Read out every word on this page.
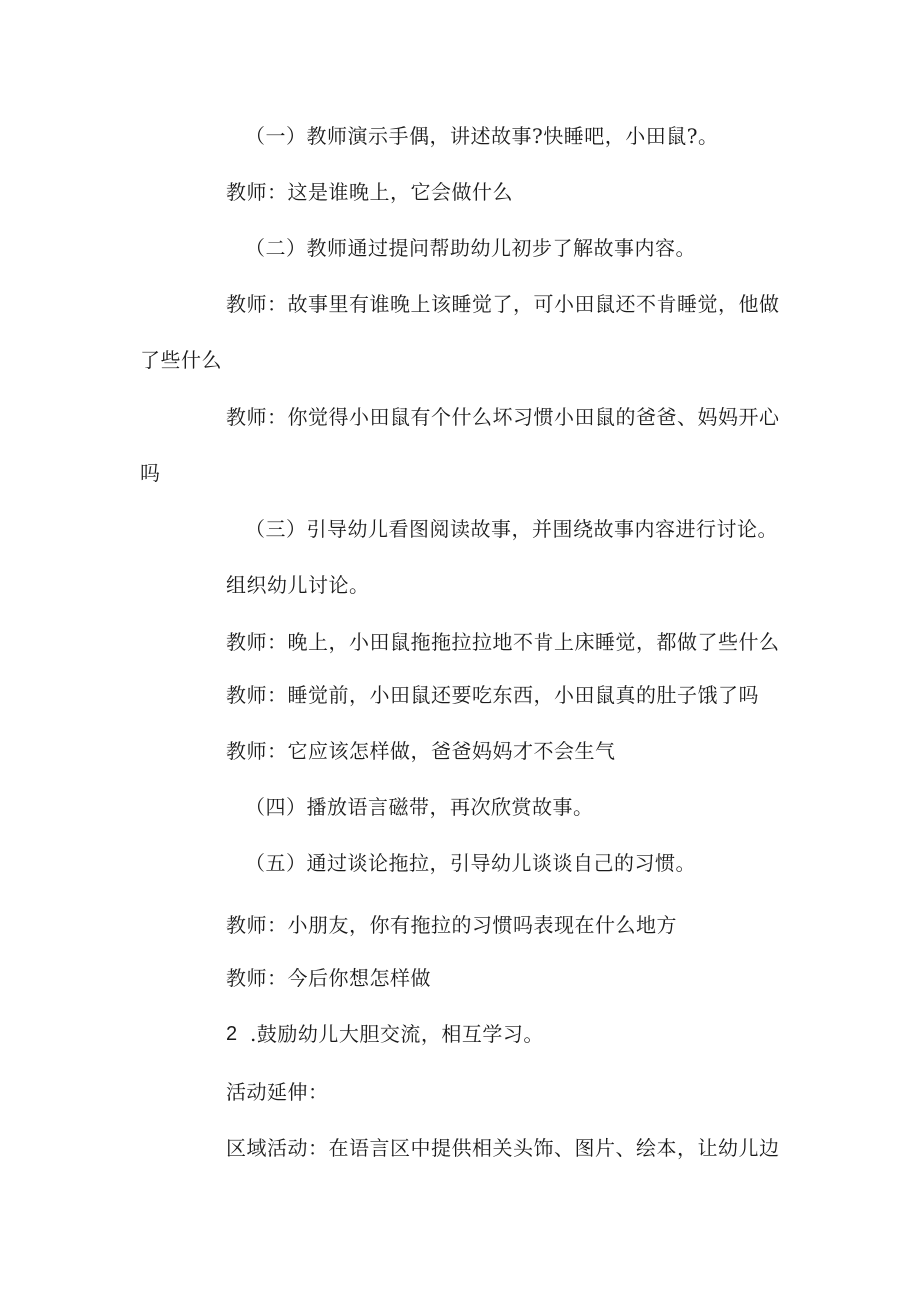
（一）教师演示手偶，讲述故事?快睡吧，小田鼠?。
教师：这是谁晚上，它会做什么
（二）教师通过提问帮助幼儿初步了解故事内容。
教师：故事里有谁晚上该睡觉了，可小田鼠还不肯睡觉，他做
了些什么
教师：你觉得小田鼠有个什么坏习惯小田鼠的爸爸、妈妈开心
吗
（三）引导幼儿看图阅读故事，并围绕故事内容进行讨论。
组织幼儿讨论。
教师：晚上，小田鼠拖拖拉拉地不肯上床睡觉，都做了些什么
教师：睡觉前，小田鼠还要吃东西，小田鼠真的肚子饿了吗
教师：它应该怎样做，爸爸妈妈才不会生气
（四）播放语言磁带，再次欣赏故事。
（五）通过谈论拖拉，引导幼儿谈谈自己的习惯。
教师：小朋友，你有拖拉的习惯吗表现在什么地方
教师：今后你想怎样做
2 .鼓励幼儿大胆交流，相互学习。
活动延伸：
区域活动：在语言区中提供相关头饰、图片、绘本，让幼儿边
